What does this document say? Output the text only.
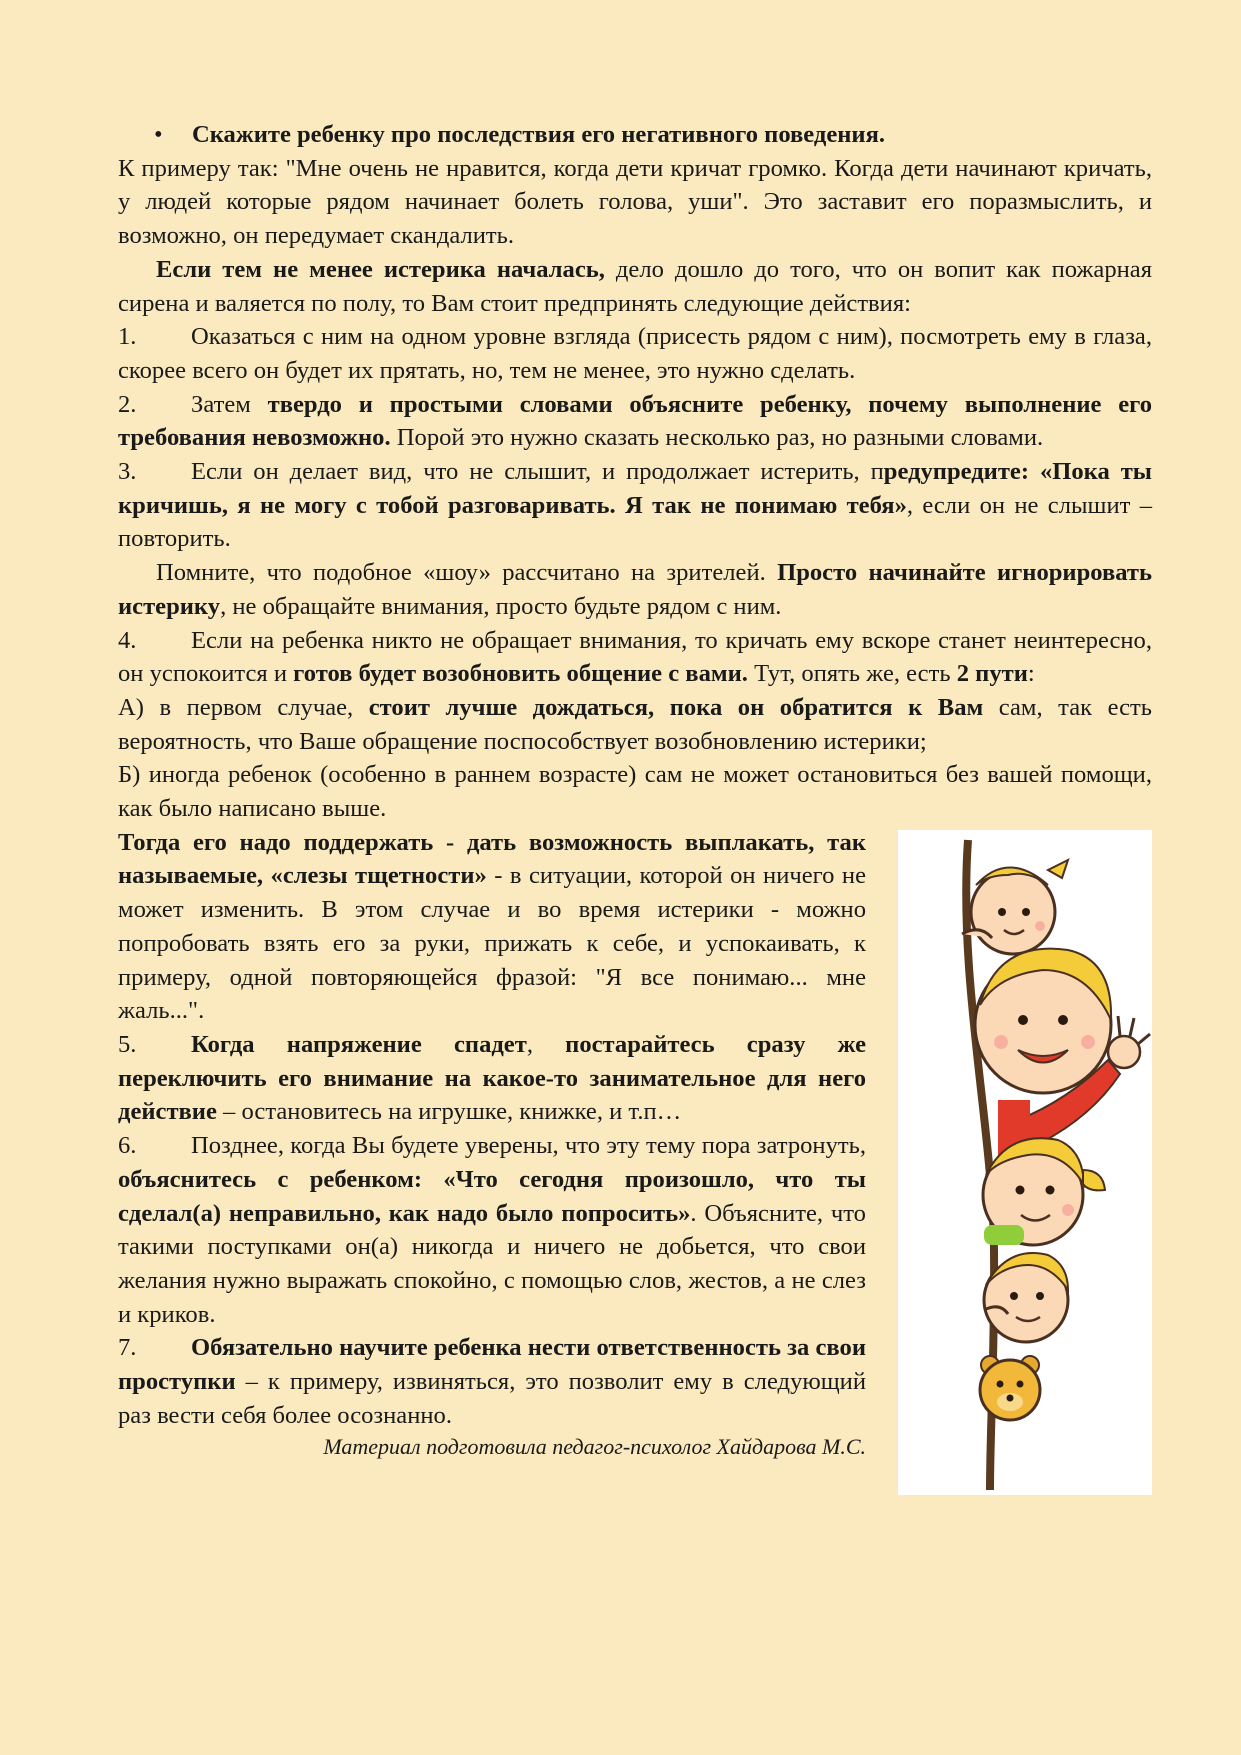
• Скажите ребенку про последствия его негативного поведения.

К примеру так: "Мне очень не нравится, когда дети кричат громко. Когда дети начинают кричать, у людей которые рядом начинает болеть голова, уши". Это заставит его поразмыслить, и возможно, он передумает скандалить.

Если тем не менее истерика началась, дело дошло до того, что он вопит как пожарная сирена и валяется по полу, то Вам стоит предпринять следующие действия:

1. Оказаться с ним на одном уровне взгляда (присесть рядом с ним), посмотреть ему в глаза, скорее всего он будет их прятать, но, тем не менее, это нужно сделать.

2. Затем твердо и простыми словами объясните ребенку, почему выполнение его требования невозможно. Порой это нужно сказать несколько раз, но разными словами.

3. Если он делает вид, что не слышит, и продолжает истерить, предупредите: «Пока ты кричишь, я не могу с тобой разговаривать. Я так не понимаю тебя», если он не слышит – повторить.

Помните, что подобное «шоу» рассчитано на зрителей. Просто начинайте игнорировать истерику, не обращайте внимания, просто будьте рядом с ним.

4. Если на ребенка никто не обращает внимания, то кричать ему вскоре станет неинтересно, он успокоится и готов будет возобновить общение с вами. Тут, опять же, есть 2 пути:

А) в первом случае, стоит лучше дождаться, пока он обратится к Вам сам, так есть вероятность, что Ваше обращение поспособствует возобновлению истерики;

Б) иногда ребенок (особенно в раннем возрасте) сам не может остановиться без вашей помощи, как было написано выше.

Тогда его надо поддержать - дать возможность выплакать, так называемые, «слезы тщетности» - в ситуации, которой он ничего не может изменить. В этом случае и во время истерики - можно попробовать взять его за руки, прижать к себе, и успокаивать, к примеру, одной повторяющейся фразой: "Я все понимаю... мне жаль...".

5. Когда напряжение спадет, постарайтесь сразу же переключить его внимание на какое-то занимательное для него действие – остановитесь на игрушке, книжке, и т.п…

6. Позднее, когда Вы будете уверены, что эту тему пора затронуть, объяснитесь с ребенком: «Что сегодня произошло, что ты сделал(а) неправильно, как надо было попросить». Объясните, что такими поступками он(а) никогда и ничего не добьется, что свои желания нужно выражать спокойно, с помощью слов, жестов, а не слез и криков.

7. Обязательно научите ребенка нести ответственность за свои проступки – к примеру, извиняться, это позволит ему в следующий раз вести себя более осознанно.

Материал подготовила педагог-психолог Хайдарова М.С.
